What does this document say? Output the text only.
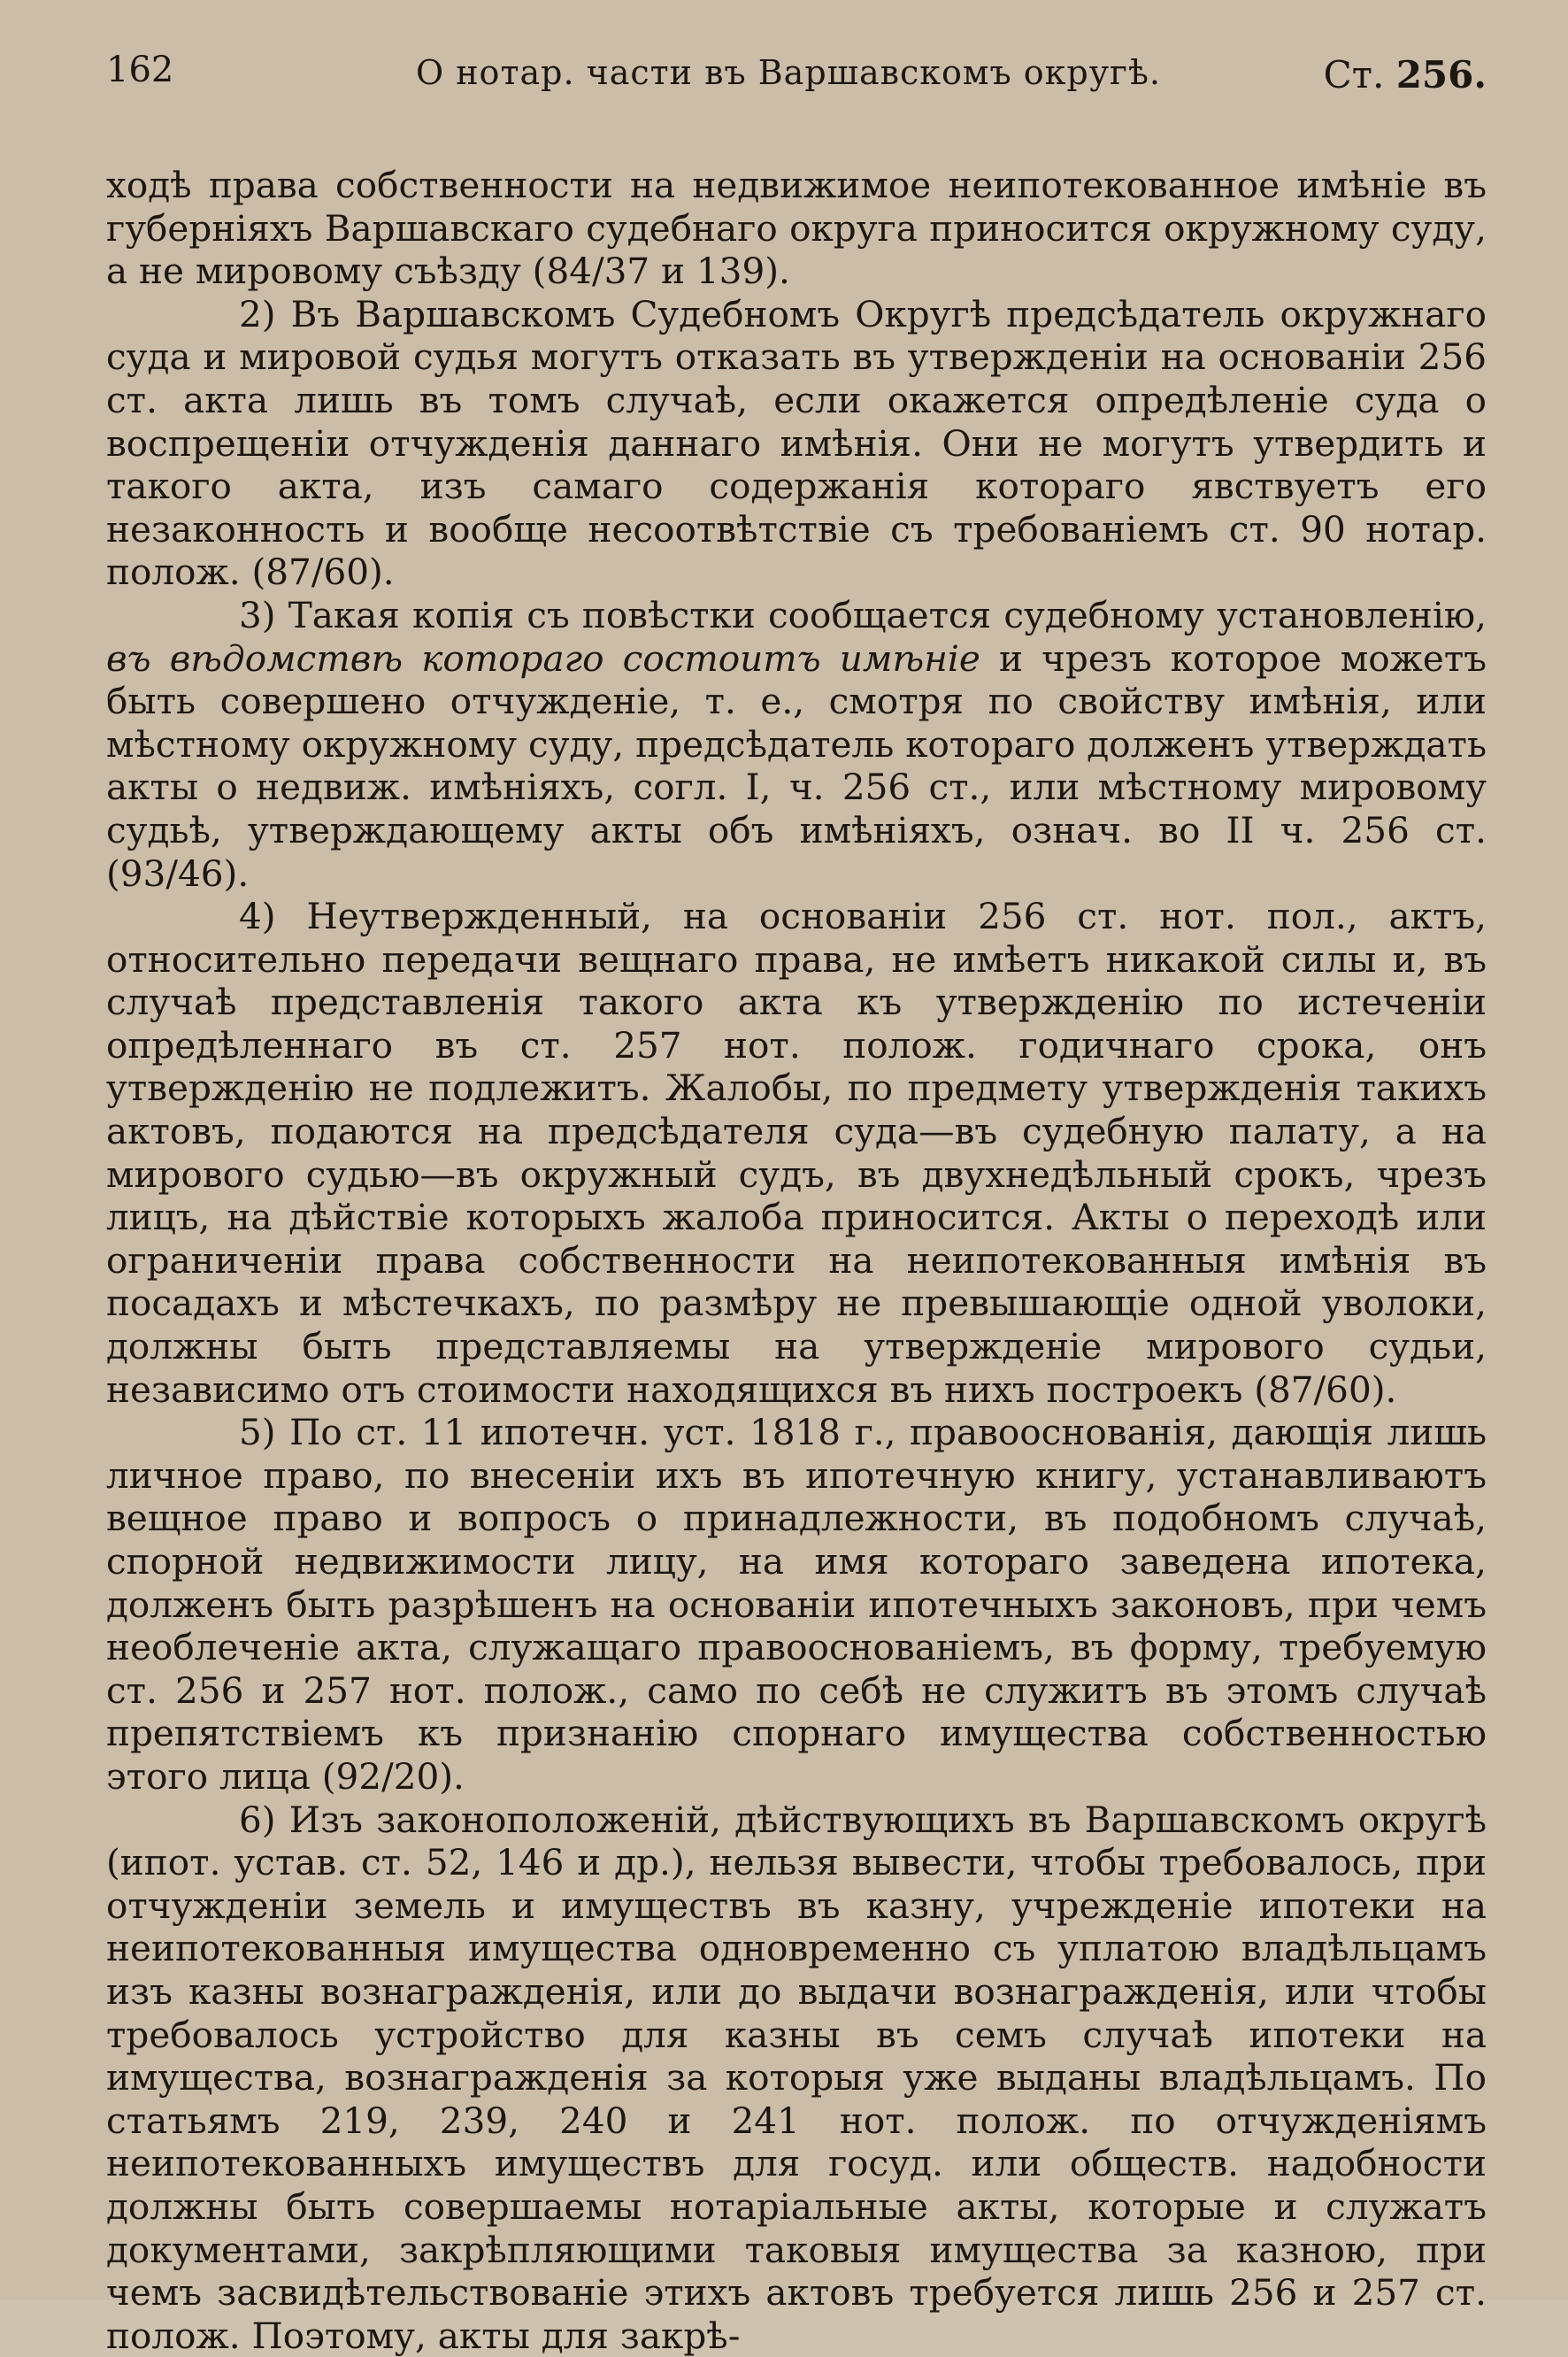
162	О нотар. части въ Варшавскомъ округѣ.	Ст. 256.

ходѣ права собственности на недвижимое неипотекованное имѣніе въ губерніяхъ Варшавскаго судебнаго округа приносится окружному суду, а не мировому съѣзду (84/37 и 139).

2) Въ Варшавскомъ Судебномъ Округѣ предсѣдатель окружнаго суда и мировой судья могутъ отказать въ утвержденіи на основаніи 256 ст. акта лишь въ томъ случаѣ, если окажется опредѣленіе суда о воспрещеніи отчужденія даннаго имѣнія. Они не могутъ утвердить и такого акта, изъ самаго содержанія котораго явствуетъ его незаконность и вообще несоотвѣтствіе съ требованіемъ ст. 90 нотар. полож. (87/60).

3) Такая копія съ повѣстки сообщается судебному установленію, въ вѣдомствѣ котораго состоитъ имѣніе и чрезъ которое можетъ быть совершено отчужденіе, т. е., смотря по свойству имѣнія, или мѣстному окружному суду, предсѣдатель котораго долженъ утверждать акты о недвиж. имѣніяхъ, согл. I, ч. 256 ст., или мѣстному мировому судьѣ, утверждающему акты объ имѣніяхъ, означ. во II ч. 256 ст. (93/46).

4) Неутвержденный, на основаніи 256 ст. нот. пол., актъ, относительно передачи вещнаго права, не имѣетъ никакой силы и, въ случаѣ представленія такого акта къ утвержденію по истеченіи опредѣленнаго въ ст. 257 нот. полож. годичнаго срока, онъ утвержденію не подлежитъ. Жалобы, по предмету утвержденія такихъ актовъ, подаются на предсѣдателя суда—въ судебную палату, а на мирового судью—въ окружный судъ, въ двухнедѣльный срокъ, чрезъ лицъ, на дѣйствіе которыхъ жалоба приносится. Акты о переходѣ или ограниченіи права собственности на неипотекованныя имѣнія въ посадахъ и мѣстечкахъ, по размѣру не превышающіе одной уволоки, должны быть представляемы на утвержденіе мирового судьи, независимо отъ стоимости находящихся въ нихъ построекъ (87/60).

5) По ст. 11 ипотечн. уст. 1818 г., правооснованія, дающія лишь личное право, по внесеніи ихъ въ ипотечную книгу, устанавливаютъ вещное право и вопросъ о принадлежности, въ подобномъ случаѣ, спорной недвижимости лицу, на имя котораго заведена ипотека, долженъ быть разрѣшенъ на основаніи ипотечныхъ законовъ, при чемъ необлеченіе акта, служащаго правооснованіемъ, въ форму, требуемую ст. 256 и 257 нот. полож., само по себѣ не служитъ въ этомъ случаѣ препятствіемъ къ признанію спорнаго имущества собственностью этого лица (92/20).

6) Изъ законоположеній, дѣйствующихъ въ Варшавскомъ округѣ (ипот. устав. ст. 52, 146 и др.), нельзя вывести, чтобы требовалось, при отчужденіи земель и имуществъ въ казну, учрежденіе ипотеки на неипотекованныя имущества одновременно съ уплатою владѣльцамъ изъ казны вознагражденія, или до выдачи вознагражденія, или чтобы требовалось устройство для казны въ семъ случаѣ ипотеки на имущества, вознагражденія за которыя уже выданы владѣльцамъ. По статьямъ 219, 239, 240 и 241 нот. полож. по отчужденіямъ неипотекованныхъ имуществъ для госуд. или обществ. надобности должны быть совершаемы нотаріальные акты, которые и служатъ документами, закрѣпляющими таковыя имущества за казною, при чемъ засвидѣтельствованіе этихъ актовъ требуется лишь 256 и 257 ст. полож. Поэтому, акты для закрѣ-
